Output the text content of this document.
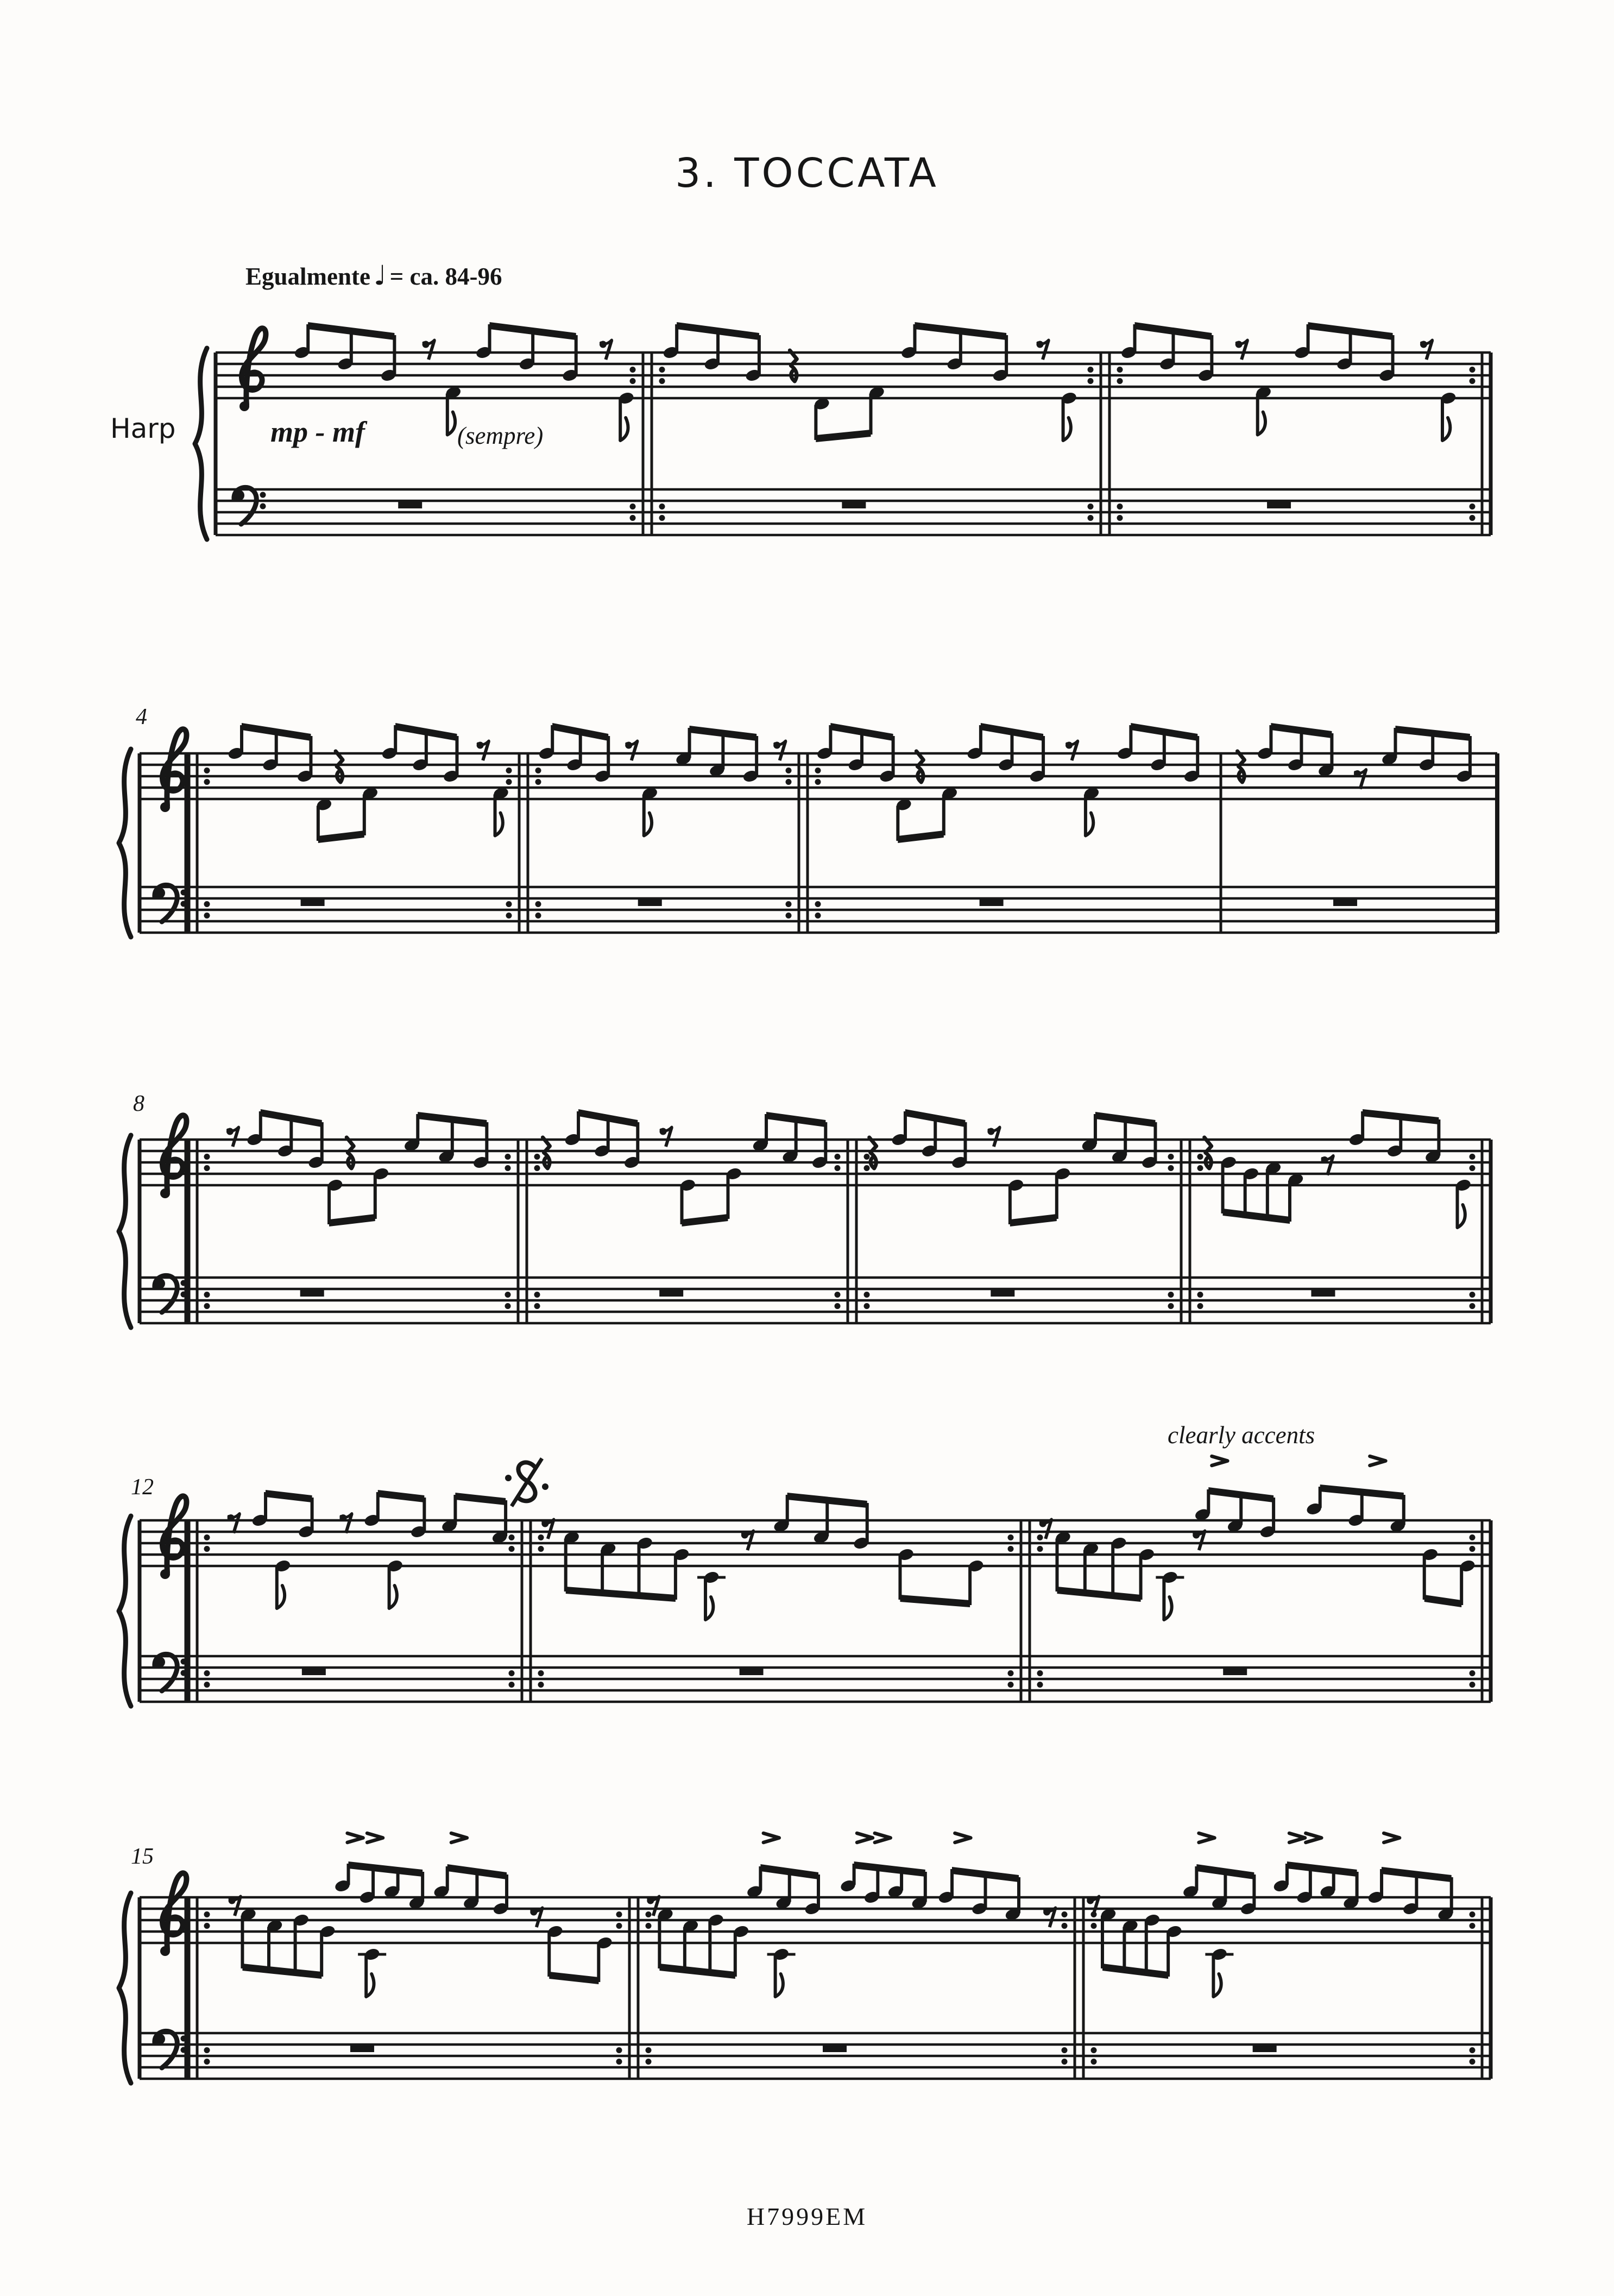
3. TOCCATA
Egualmente ♩ = ca. 84-96
Harp	mp - mf	(sempre)
clearly accents
4
8
12
15
H7999EM
